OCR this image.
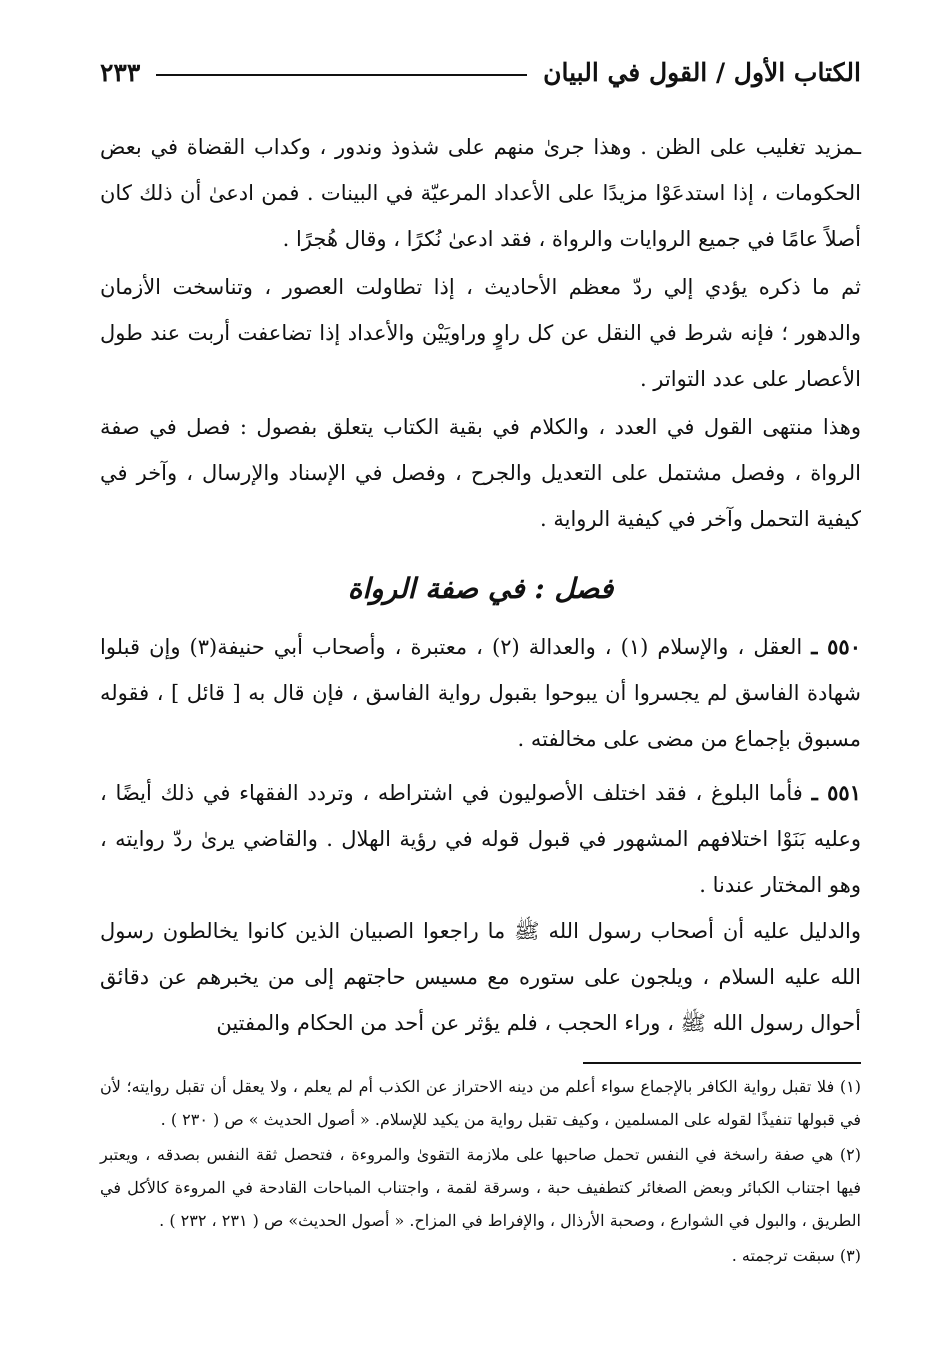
الكتاب الأول / القول في البيان
٢٣٣
ـمزيد تغليب على الظن . وهذا جرىٰ منهم على شذوذ وندور ، وكداب القضاة في بعض الحكومات ، إذا استدعَوْا مزيدًا على الأعداد المرعيّة في البينات . فمن ادعىٰ أن ذلك كان أصلاً عامًا في جميع الروايات والرواة ، فقد ادعىٰ نُكرًا ، وقال هُجرًا .
ثم ما ذكره يؤدي إلي ردّ معظم الأحاديث ، إذا تطاولت العصور ، وتناسخت الأزمان والدهور ؛ فإنه شرط في النقل عن كل راوٍ وراويَيْن والأعداد إذا تضاعفت أربت عند طول الأعصار على عدد التواتر .
وهذا منتهى القول في العدد ، والكلام في بقية الكتاب يتعلق بفصول : فصل في صفة الرواة ، وفصل مشتمل على التعديل والجرح ، وفصل في الإسناد والإرسال ، وآخر في كيفية التحمل وآخر في كيفية الرواية .
فصل : في صفة الرواة
٥٥٠ ـ العقل ، والإسلام (١) ، والعدالة (٢) ، معتبرة ، وأصحاب أبي حنيفة(٣) وإن قبلوا شهادة الفاسق لم يجسروا أن يبوحوا بقبول رواية الفاسق ، فإن قال به [ قائل ] ، فقوله مسبوق بإجماع من مضى على مخالفته .
٥٥١ ـ فأما البلوغ ، فقد اختلف الأصوليون في اشتراطه ، وتردد الفقهاء في ذلك أيضًا ، وعليه بَنَوْا اختلافهم المشهور في قبول قوله في رؤية الهلال . والقاضي يرىٰ ردّ روايته ، وهو المختار عندنا .
والدليل عليه أن أصحاب رسول الله ﷺ ما راجعوا الصبيان الذين كانوا يخالطون رسول الله عليه السلام ، ويلجون على ستوره مع مسيس حاجتهم إلى من يخبرهم عن دقائق أحوال رسول الله ﷺ ، وراء الحجب ، فلم يؤثر عن أحد من الحكام والمفتين

(١) فلا تقبل رواية الكافر بالإجماع سواء أعلم من دينه الاحتراز عن الكذب أم لم يعلم ، ولا يعقل أن تقبل روايته؛ لأن في قبولها تنفيذًا لقوله على المسلمين ، وكيف تقبل رواية من يكيد للإسلام. « أصول الحديث » ص ( ٢٣٠ ) .

(٢) هي صفة راسخة في النفس تحمل صاحبها على ملازمة التقوىٰ والمروءة ، فتحصل ثقة النفس بصدقه ، ويعتبر فيها اجتناب الكبائر وبعض الصغائر كتطفيف حبة ، وسرقة لقمة ، واجتناب المباحات القادحة في المروءة كالأكل في الطريق ، والبول في الشوارع ، وصحبة الأرذال ، والإفراط في المزاح. « أصول الحديث» ص ( ٢٣١ ، ٢٣٢ ) .

(٣) سبقت ترجمته .
